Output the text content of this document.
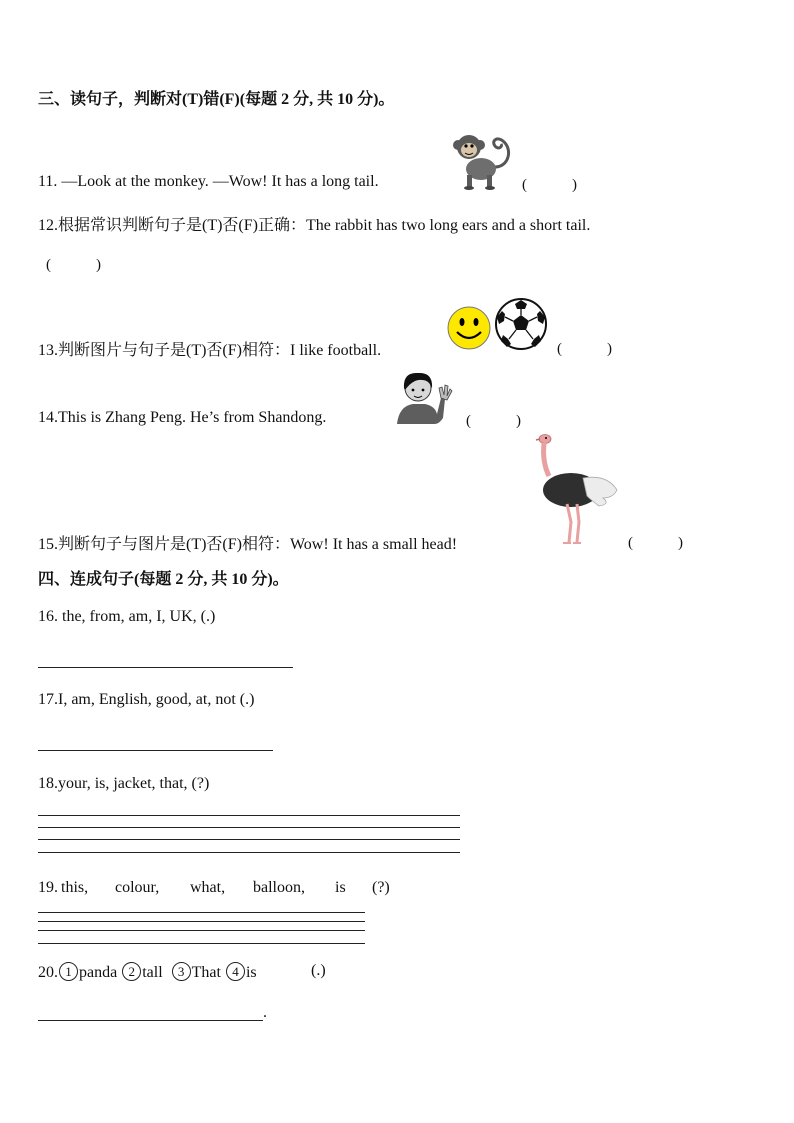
三、读句子，判断对(T)错(F)(每题 2 分, 共 10 分)。
11. —Look at the monkey. —Wow! It has a long tail.	(　　　)
12.根据常识判断句子是(T)否(F)正确：The rabbit has two long ears and a short tail.
(　　　)
13.判断图片与句子是(T)否(F)相符：I like football.	(　　　)
14.This is Zhang Peng. He’s from Shandong.	(　　　)
15.判断句子与图片是(T)否(F)相符：Wow! It has a small head!	(　　　)
四、连成句子(每题 2 分, 共 10 分)。
16. the, from, am, I, UK, (.)
17.I, am, English, good, at, not (.)
18.your, is, jacket, that, (?)
19. this, colour, what, balloon, is (?)
20. 1 panda 2 tall 3 That 4 is	(.)
.
